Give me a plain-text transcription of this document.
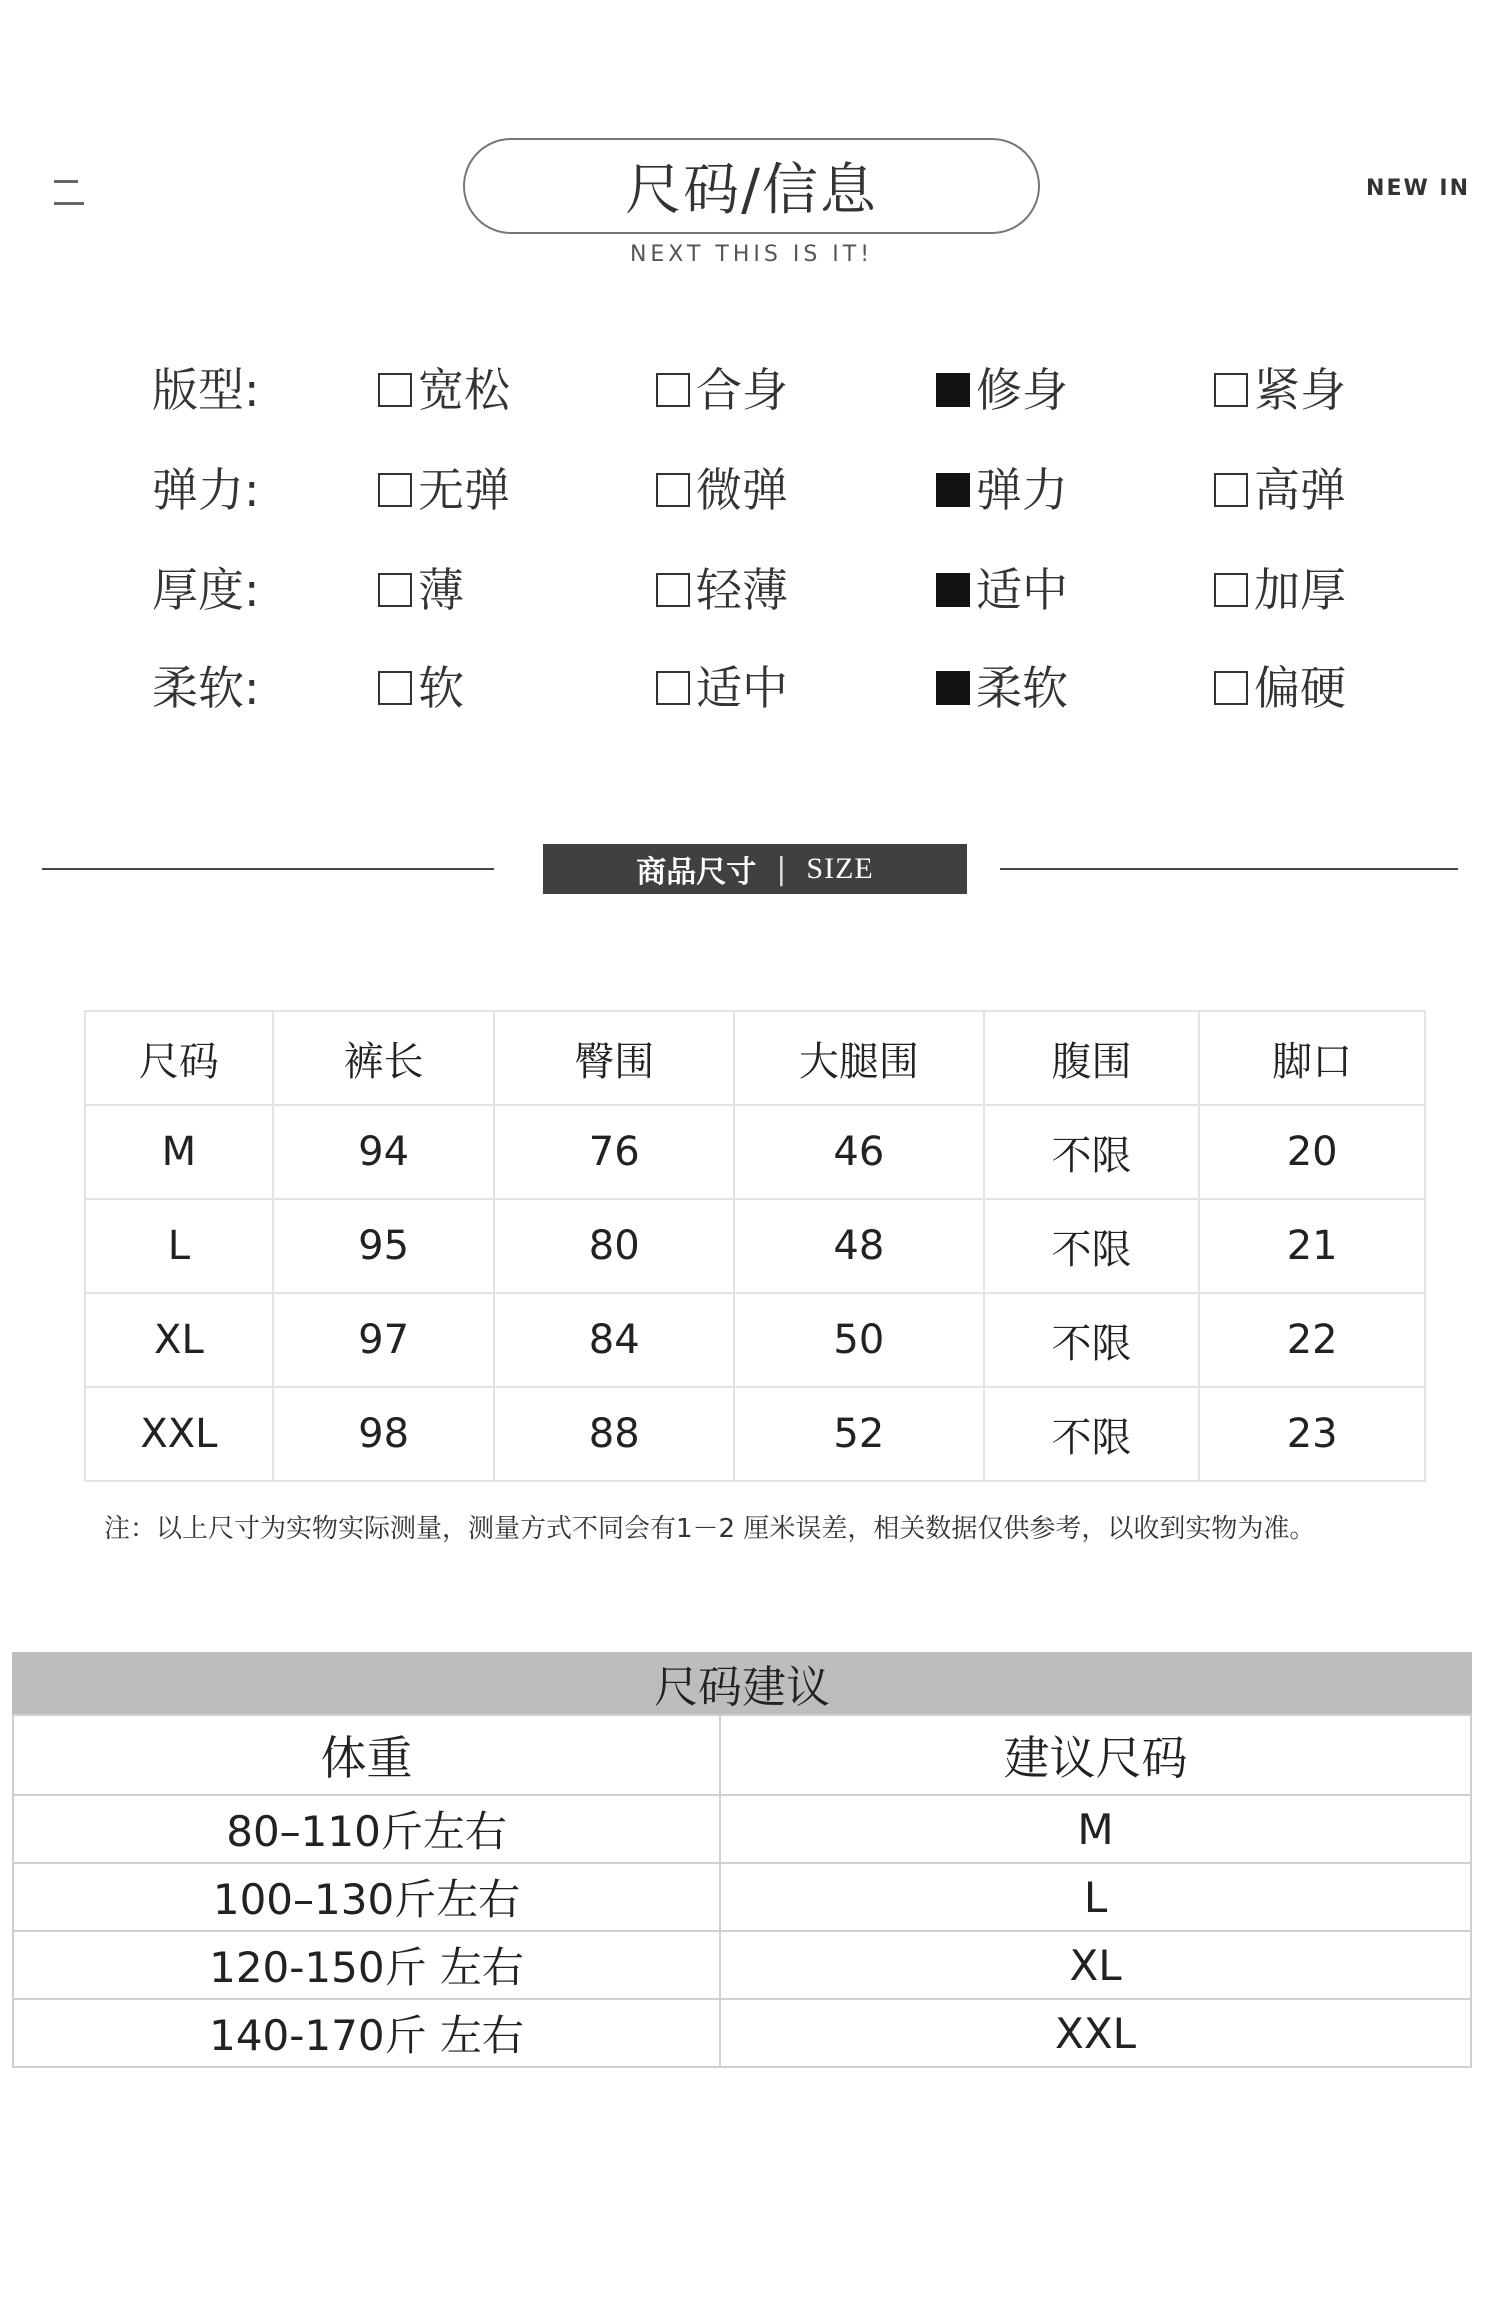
尺码/信息
NEXT THIS IS IT!
NEW IN
版型:	宽松	合身	修身	紧身
弹力:	无弹	微弹	弹力	高弹
厚度:	薄	轻薄	适中	加厚
柔软:	软	适中	柔软	偏硬
商品尺寸 | SIZE
尺码	裤长	臀围	大腿围	腹围	脚口
M	94	76	46	不限	20
L	95	80	48	不限	21
XL	97	84	50	不限	22
XXL	98	88	52	不限	23
注：以上尺寸为实物实际测量，测量方式不同会有1－2 厘米误差，相关数据仅供参考，以收到实物为准。
尺码建议
体重	建议尺码
80–110斤左右	M
100–130斤左右	L
120-150斤 左右	XL
140-170斤 左右	XXL
